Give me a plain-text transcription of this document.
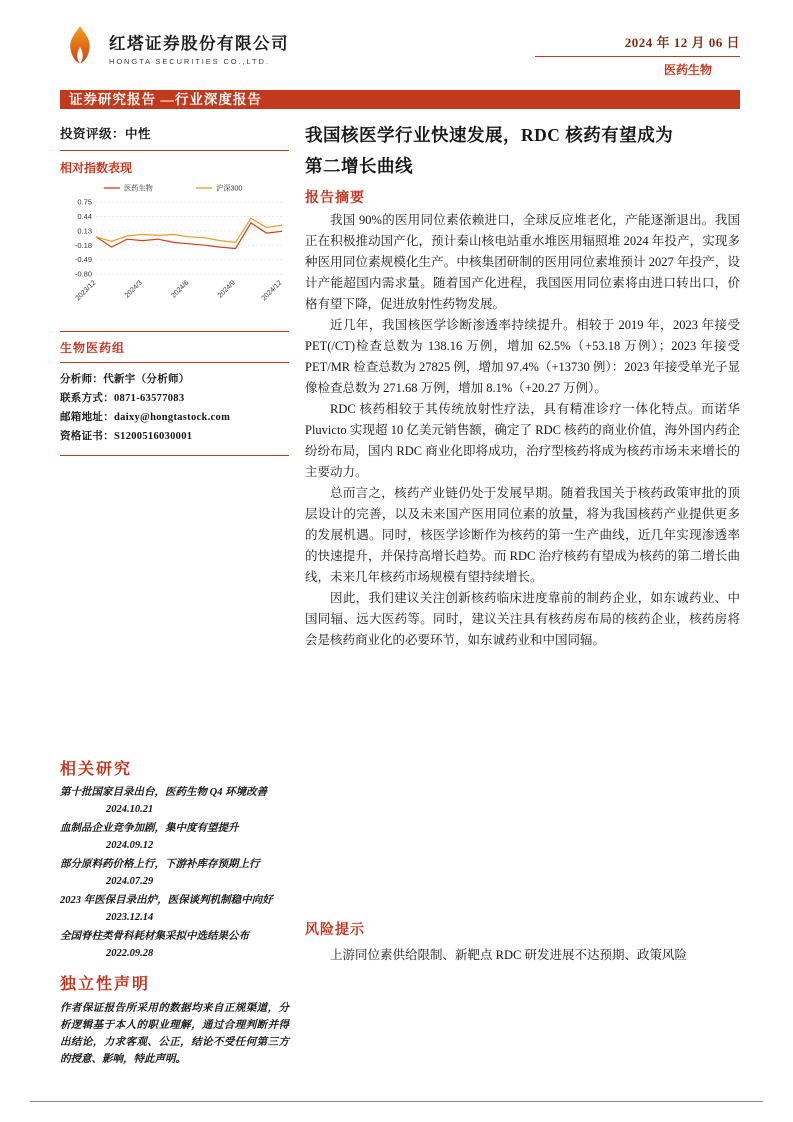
红塔证券股份有限公司
HONGTA SECURITIES CO.,LTD.
2024 年 12 月 06 日
医药生物
证券研究报告 —行业深度报告
投资评级：中性
相对指数表现
0.75
0.44
0.13
-0.18
-0.49
-0.80
2023/12	2024/3	2024/6	2024/9	2024/12
医药生物	沪深300
生物医药组

分析师：代新宇（分析师）

联系方式：0871-63577083

邮箱地址：daixy@hongtastock.com

资格证书：S1200516030001

相关研究
第十批国家目录出台，医药生物 Q4 环境改善
2024.10.21
血制品企业竞争加剧，集中度有望提升
2024.09.12
部分原料药价格上行，下游补库存预期上行
2024.07.29
2023 年医保目录出炉，医保谈判机制稳中向好
2023.12.14
全国脊柱类骨科耗材集采拟中选结果公布
2022.09.28
独立性声明
作者保证报告所采用的数据均来自正规渠道，分析逻辑基于本人的职业理解，通过合理判断并得出结论，力求客观、公正，结论不受任何第三方的授意、影响，特此声明。
我国核医学行业快速发展，RDC 核药有望成为
第二增长曲线
报告摘要

我国 90%的医用同位素依赖进口，全球反应堆老化，产能逐渐退出。我国正在积极推动国产化，预计秦山核电站重水堆医用辐照堆 2024 年投产，实现多种医用同位素规模化生产。中核集团研制的医用同位素堆预计 2027 年投产，设计产能超国内需求量。随着国产化进程，我国医用同位素将由进口转出口，价格有望下降，促进放射性药物发展。

近几年，我国核医学诊断渗透率持续提升。相较于 2019 年，2023 年接受 PET(/CT)检查总数为 138.16 万例，增加 62.5%（+53.18 万例）；2023 年接受 PET/MR 检查总数为 27825 例，增加 97.4%（+13730 例）：2023 年接受单光子显像检查总数为 271.68 万例，增加 8.1%（+20.27 万例）。

RDC 核药相较于其传统放射性疗法，具有精准诊疗一体化特点。而诺华 Pluvicto 实现超 10 亿美元销售额，确定了 RDC 核药的商业价值，海外国内药企纷纷布局，国内 RDC 商业化即将成功，治疗型核药将成为核药市场未来增长的主要动力。

总而言之，核药产业链仍处于发展早期。随着我国关于核药政策审批的顶层设计的完善，以及未来国产医用同位素的放量，将为我国核药产业提供更多的发展机遇。同时，核医学诊断作为核药的第一生产曲线，近几年实现渗透率的快速提升，并保持高增长趋势。而 RDC 治疗核药有望成为核药的第二增长曲线，未来几年核药市场规模有望持续增长。

因此，我们建议关注创新核药临床进度靠前的制药企业，如东诚药业、中国同辐、远大医药等。同时，建议关注具有核药房布局的核药企业，核药房将会是核药商业化的必要环节，如东诚药业和中国同辐。

风险提示

上游同位素供给限制、新靶点 RDC 研发进展不达预期、政策风险
